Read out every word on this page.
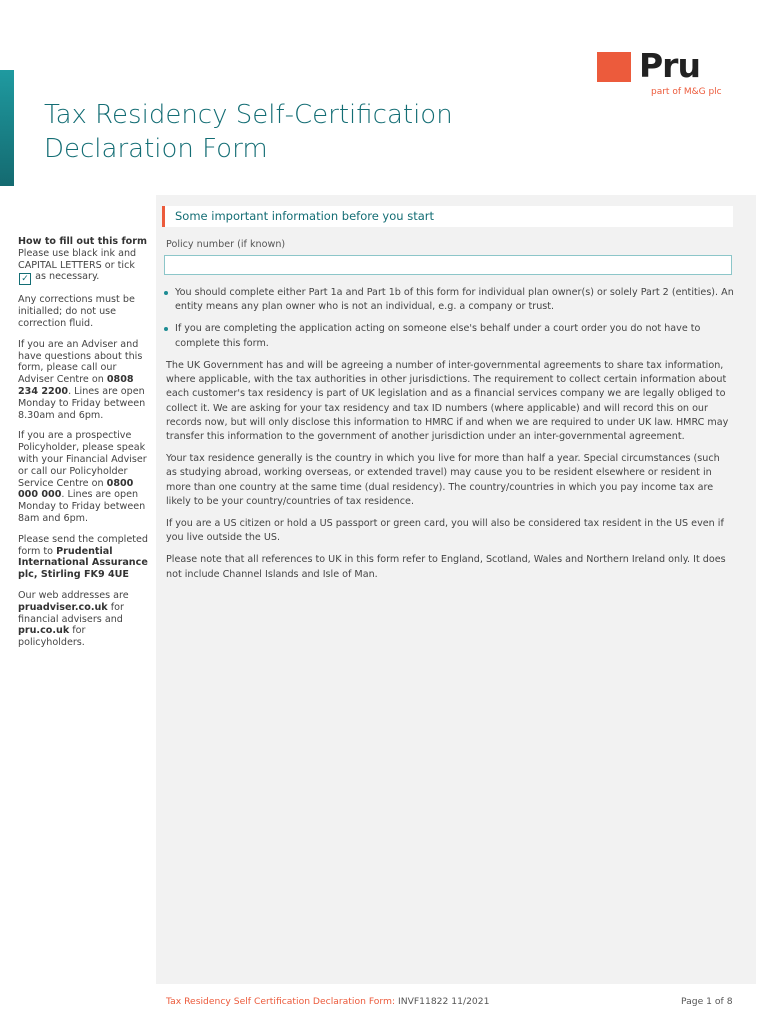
Pru
part of M&G plc
Tax Residency Self-Certification
Declaration Form
Some important information before you start

How to fill out this form

Please use black ink and CAPITAL LETTERS or tick ✓ as necessary.

Any corrections must be initialled; do not use correction fluid.

If you are an Adviser and have questions about this form, please call our Adviser Centre on 0808 234 2200. Lines are open Monday to Friday between 8.30am and 6pm.

If you are a prospective Policyholder, please speak with your Financial Adviser or call our Policyholder Service Centre on 0800 000 000. Lines are open Monday to Friday between 8am and 6pm.

Please send the completed form to Prudential International Assurance plc, Stirling FK9 4UE

Our web addresses are pruadviser.co.uk for financial advisers and pru.co.uk for policyholders.

Policy number (if known)
You should complete either Part 1a and Part 1b of this form for individual plan owner(s) or solely Part 2 (entities). An entity means any plan owner who is not an individual, e.g. a company or trust.
If you are completing the application acting on someone else's behalf under a court order you do not have to complete this form.

The UK Government has and will be agreeing a number of inter-governmental agreements to share tax information, where applicable, with the tax authorities in other jurisdictions. The requirement to collect certain information about each customer's tax residency is part of UK legislation and as a financial services company we are legally obliged to collect it. We are asking for your tax residency and tax ID numbers (where applicable) and will record this on our records now, but will only disclose this information to HMRC if and when we are required to under UK law. HMRC may transfer this information to the government of another jurisdiction under an inter-governmental agreement.

Your tax residence generally is the country in which you live for more than half a year. Special circumstances (such as studying abroad, working overseas, or extended travel) may cause you to be resident elsewhere or resident in more than one country at the same time (dual residency). The country/countries in which you pay income tax are likely to be your country/countries of tax residence.

If you are a US citizen or hold a US passport or green card, you will also be considered tax resident in the US even if you live outside the US.

Please note that all references to UK in this form refer to England, Scotland, Wales and Northern Ireland only. It does not include Channel Islands and Isle of Man.

Tax Residency Self Certification Declaration Form: INVF11822 11/2021	Page 1 of 8
